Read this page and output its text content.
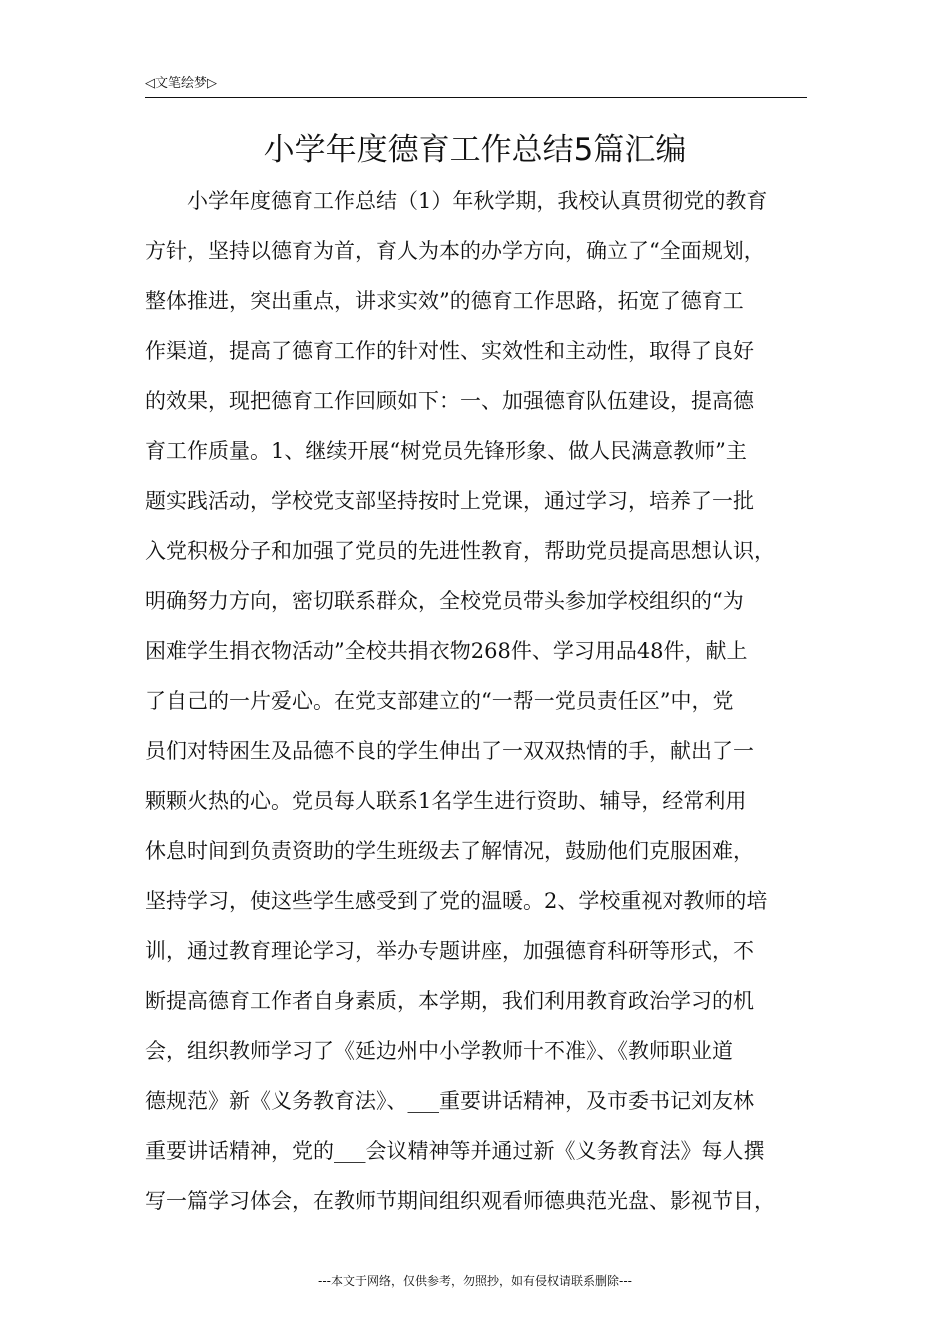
◁文笔绘梦▷
小学年度德育工作总结5篇汇编
小学年度德育工作总结（1）年秋学期，我校认真贯彻党的教育
方针，坚持以德育为首，育人为本的办学方向，确立了“全面规划，
整体推进，突出重点，讲求实效”的德育工作思路，拓宽了德育工
作渠道，提高了德育工作的针对性、实效性和主动性，取得了良好
的效果，现把德育工作回顾如下：一、加强德育队伍建设，提高德
育工作质量。1、继续开展“树党员先锋形象、做人民满意教师”主
题实践活动，学校党支部坚持按时上党课，通过学习，培养了一批
入党积极分子和加强了党员的先进性教育，帮助党员提高思想认识，
明确努力方向，密切联系群众，全校党员带头参加学校组织的“为
困难学生捐衣物活动”全校共捐衣物268件、学习用品48件，献上
了自己的一片爱心。在党支部建立的“一帮一党员责任区”中，党
员们对特困生及品德不良的学生伸出了一双双热情的手，献出了一
颗颗火热的心。党员每人联系1名学生进行资助、辅导，经常利用
休息时间到负责资助的学生班级去了解情况，鼓励他们克服困难，
坚持学习，使这些学生感受到了党的温暖。2、学校重视对教师的培
训，通过教育理论学习，举办专题讲座，加强德育科研等形式，不
断提高德育工作者自身素质，本学期，我们利用教育政治学习的机
会，组织教师学习了《延边州中小学教师十不准》、《教师职业道
德规范》新《义务教育法》、___重要讲话精神，及市委书记刘友林
重要讲话精神，党的___会议精神等并通过新《义务教育法》每人撰
写一篇学习体会，在教师节期间组织观看师德典范光盘、影视节目，
---本文于网络，仅供参考，勿照抄，如有侵权请联系删除---
